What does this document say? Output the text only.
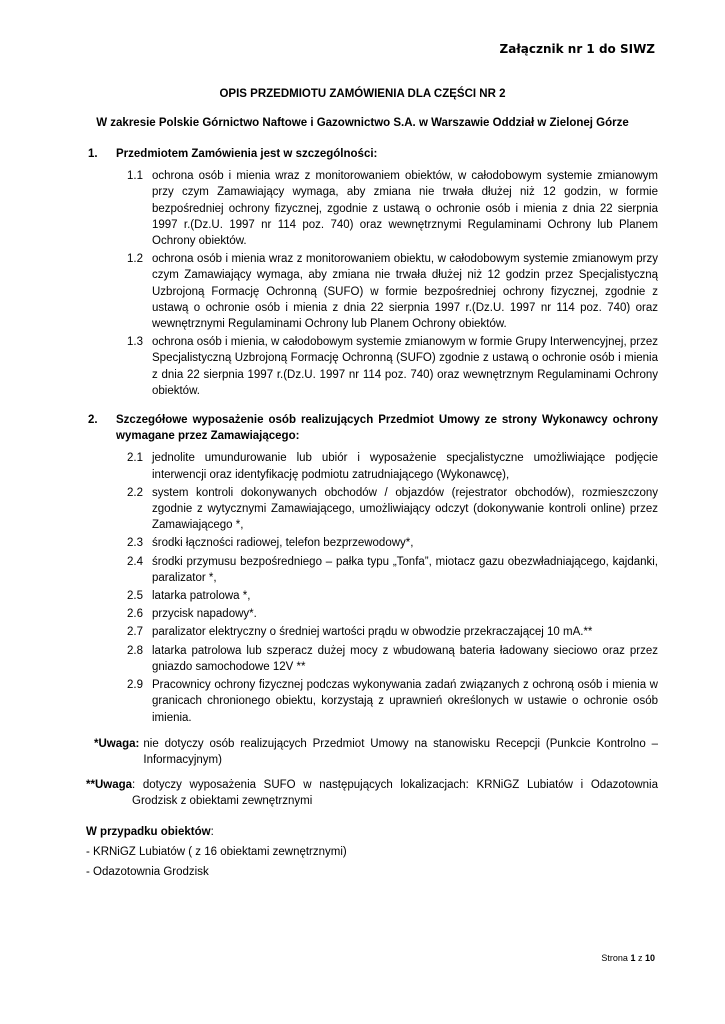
Załącznik nr 1 do SIWZ
OPIS PRZEDMIOTU ZAMÓWIENIA DLA CZĘŚCI NR 2
W zakresie Polskie Górnictwo Naftowe i Gazownictwo S.A. w Warszawie Oddział w Zielonej Górze
1.	Przedmiotem Zamówienia jest w szczególności:
1.1 ochrona osób i mienia wraz z monitorowaniem obiektów, w całodobowym systemie zmianowym przy czym Zamawiający wymaga, aby zmiana nie trwała dłużej niż 12 godzin, w formie bezpośredniej ochrony fizycznej, zgodnie z ustawą o ochronie osób i mienia z dnia 22 sierpnia 1997 r.(Dz.U. 1997 nr 114 poz. 740) oraz wewnętrznymi Regulaminami Ochrony lub Planem Ochrony obiektów.
1.2 ochrona osób i mienia wraz z monitorowaniem obiektu, w całodobowym systemie zmianowym przy czym Zamawiający wymaga, aby zmiana nie trwała dłużej niż 12 godzin przez Specjalistyczną Uzbrojoną Formację Ochronną (SUFO) w formie bezpośredniej ochrony fizycznej, zgodnie z ustawą o ochronie osób i mienia z dnia 22 sierpnia 1997 r.(Dz.U. 1997 nr 114 poz. 740) oraz wewnętrznymi Regulaminami Ochrony lub Planem Ochrony obiektów.
1.3 ochrona osób i mienia, w całodobowym systemie zmianowym w formie Grupy Interwencyjnej, przez Specjalistyczną Uzbrojoną Formację Ochronną (SUFO) zgodnie z ustawą o ochronie osób i mienia z dnia 22 sierpnia 1997 r.(Dz.U. 1997 nr 114 poz. 740) oraz wewnętrznym Regulaminami Ochrony obiektów.
2.	Szczegółowe wyposażenie osób realizujących Przedmiot Umowy ze strony Wykonawcy ochrony wymagane przez Zamawiającego:
2.1 jednolite umundurowanie lub ubiór i wyposażenie specjalistyczne umożliwiające podjęcie interwencji oraz identyfikację podmiotu zatrudniającego (Wykonawcę),
2.2 system kontroli dokonywanych obchodów / objazdów (rejestrator obchodów), rozmieszczony zgodnie z wytycznymi Zamawiającego, umożliwiający odczyt (dokonywanie kontroli online) przez Zamawiającego *,
2.3 środki łączności radiowej, telefon bezprzewodowy*,
2.4 środki przymusu bezpośredniego – pałka typu „Tonfa”, miotacz gazu obezwładniającego, kajdanki, paralizator *,
2.5 latarka patrolowa *,
2.6 przycisk napadowy*.
2.7 paralizator elektryczny o średniej wartości prądu w obwodzie przekraczającej 10 mA.**
2.8 latarka patrolowa lub szperacz dużej mocy z wbudowaną bateria ładowany sieciowo oraz przez gniazdo samochodowe 12V **
2.9 Pracownicy ochrony fizycznej podczas wykonywania zadań związanych z ochroną osób i mienia w granicach chronionego obiektu, korzystają z uprawnień określonych w ustawie o ochronie osób imienia.
*Uwaga: nie dotyczy osób realizujących Przedmiot Umowy na stanowisku Recepcji (Punkcie Kontrolno – Informacyjnym)
**Uwaga : dotyczy wyposażenia SUFO w następujących lokalizacjach: KRNiGZ Lubiatów i Odazotownia Grodzisk z obiektami zewnętrznymi
W przypadku obiektów:
- KRNiGZ Lubiatów ( z 16 obiektami zewnętrznymi)
- Odazotownia Grodzisk
Strona 1 z 10
